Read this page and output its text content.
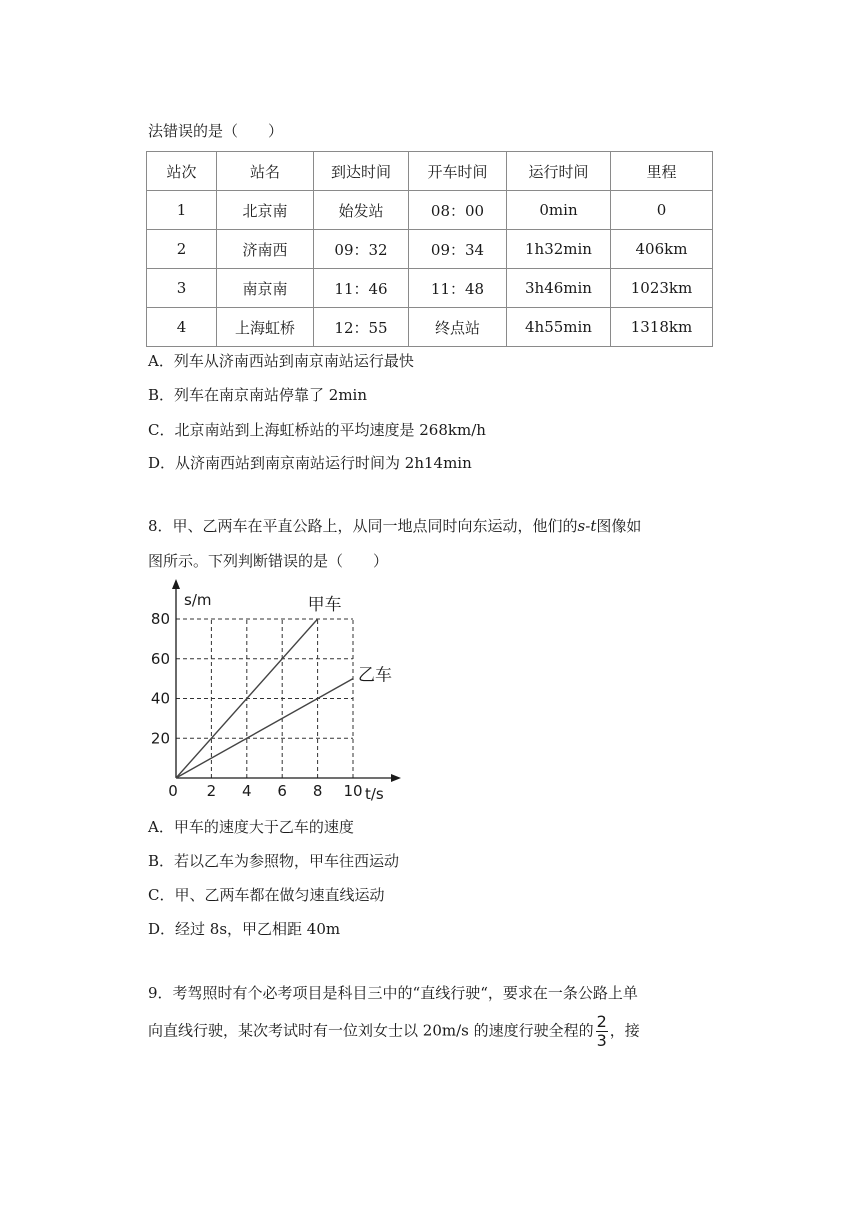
法错误的是（　　）
站次	站名	到达时间	开车时间	运行时间	里程
1	北京南	始发站	08：00	0min	0
2	济南西	09：32	09：34	1h32min	406km
3	南京南	11：46	11：48	3h46min	1023km
4	上海虹桥	12：55	终点站	4h55min	1318km
A．列车从济南西站到南京南站运行最快
B．列车在南京南站停靠了 2min
C．北京南站到上海虹桥站的平均速度是 268km/h
D．从济南西站到南京南站运行时间为 2h14min
8．甲、乙两车在平直公路上，从同一地点同时向东运动，他们的s-t图像如
图所示。下列判断错误的是（　　）
0 2 4 6 8 10
20
40
60
80
s/m
t/s
甲车
乙车
A．甲车的速度大于乙车的速度
B．若以乙车为参照物，甲车往西运动
C．甲、乙两车都在做匀速直线运动
D．经过 8s，甲乙相距 40m
9．考驾照时有个必考项目是科目三中的“直线行驶“，要求在一条公路上单
向直线行驶，某次考试时有一位刘女士以 20m/s 的速度行驶全程的 $\frac{2}{3}$ ，接
